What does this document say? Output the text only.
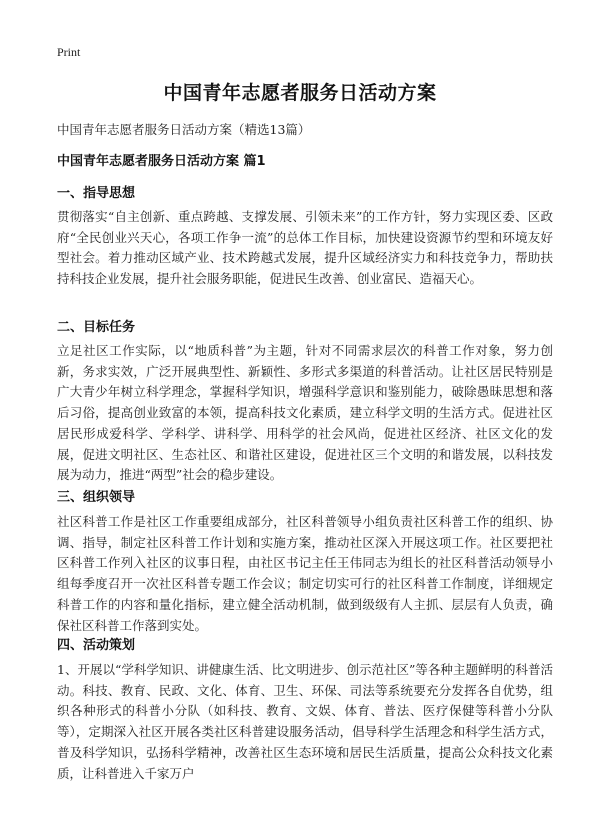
Print
中国青年志愿者服务日活动方案
中国青年志愿者服务日活动方案（精选13篇）
中国青年志愿者服务日活动方案 篇1
一、指导思想
贯彻落实“自主创新、重点跨越、支撑发展、引领未来”的工作方针，努力实现区委、区政府“全民创业兴天心，各项工作争一流”的总体工作目标，加快建设资源节约型和环境友好型社会。着力推动区域产业、技术跨越式发展，提升区域经济实力和科技竞争力，帮助扶持科技企业发展，提升社会服务职能，促进民生改善、创业富民、造福天心。
二、目标任务
立足社区工作实际，以“地质科普”为主题，针对不同需求层次的科普工作对象，努力创新，务求实效，广泛开展典型性、新颖性、多形式多渠道的科普活动。让社区居民特别是广大青少年树立科学理念，掌握科学知识，增强科学意识和鉴别能力，破除愚昧思想和落后习俗，提高创业致富的本领，提高科技文化素质，建立科学文明的生活方式。促进社区居民形成爱科学、学科学、讲科学、用科学的社会风尚，促进社区经济、社区文化的发展，促进文明社区、生态社区、和谐社区建设，促进社区三个文明的和谐发展，以科技发展为动力，推进“两型”社会的稳步建设。
三、组织领导
社区科普工作是社区工作重要组成部分，社区科普领导小组负责社区科普工作的组织、协调、指导，制定社区科普工作计划和实施方案，推动社区深入开展这项工作。社区要把社区科普工作列入社区的议事日程，由社区书记主任王伟同志为组长的社区科普活动领导小组每季度召开一次社区科普专题工作会议；制定切实可行的社区科普工作制度，详细规定科普工作的内容和量化指标，建立健全活动机制，做到级级有人主抓、层层有人负责，确保社区科普工作落到实处。
四、活动策划
1、开展以“学科学知识、讲健康生活、比文明进步、创示范社区”等各种主题鲜明的科普活动。科技、教育、民政、文化、体育、卫生、环保、司法等系统要充分发挥各自优势，组织各种形式的科普小分队（如科技、教育、文娱、体育、普法、医疗保健等科普小分队等），定期深入社区开展各类社区科普建设服务活动，倡导科学生活理念和科学生活方式，普及科学知识，弘扬科学精神，改善社区生态环境和居民生活质量，提高公众科技文化素质，让科普进入千家万户
